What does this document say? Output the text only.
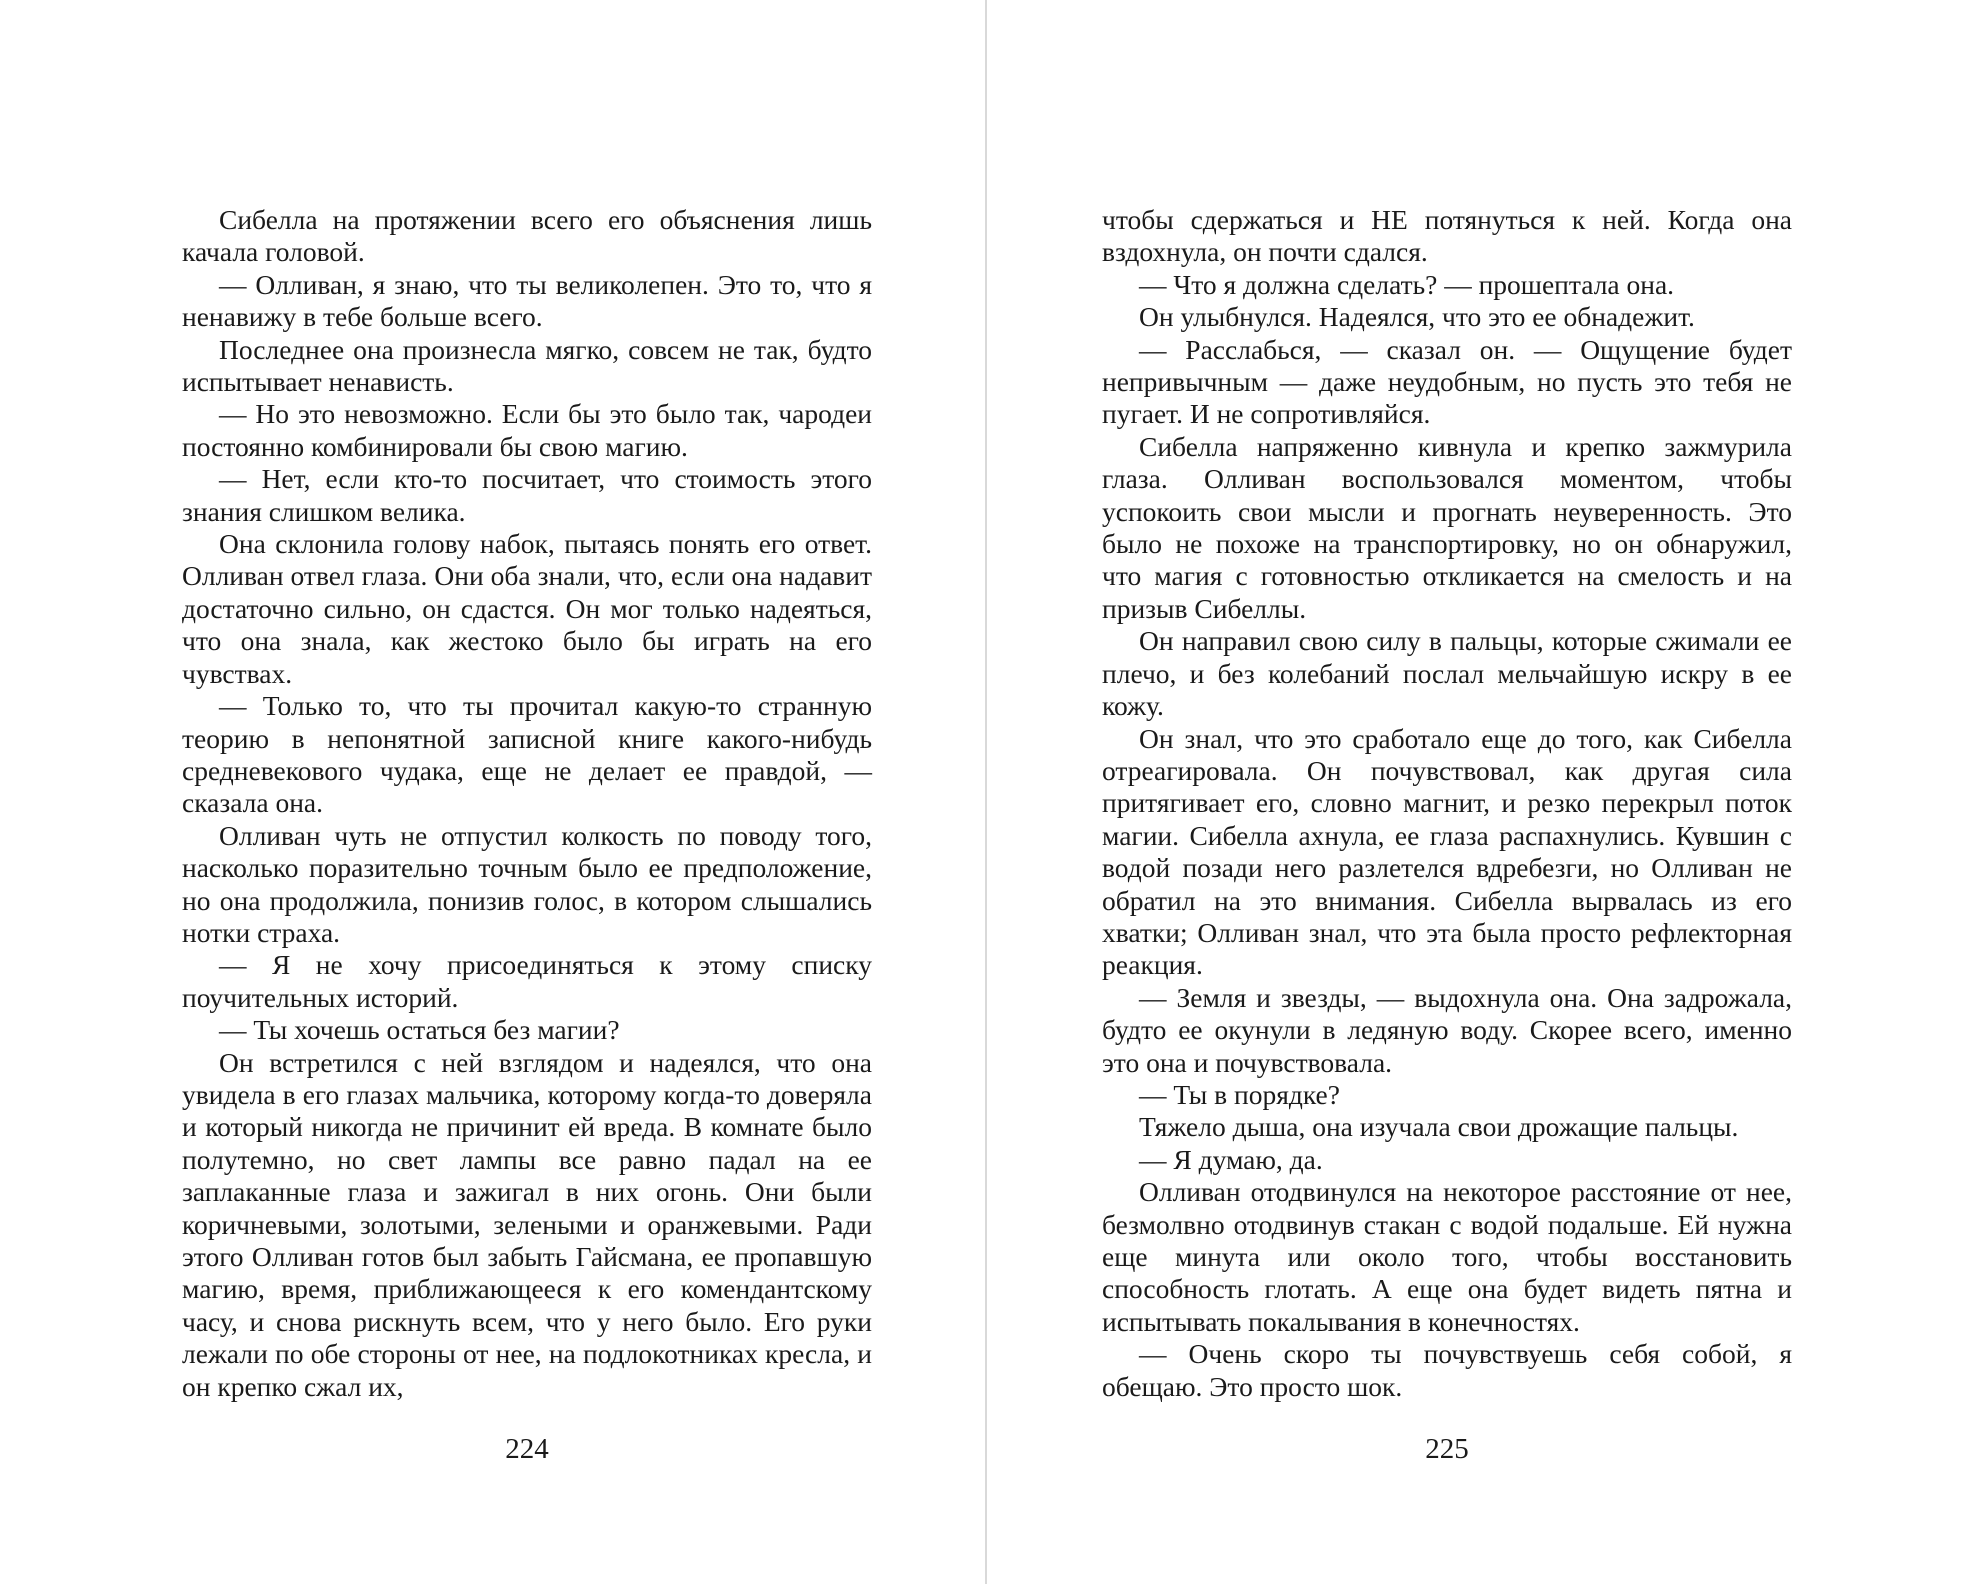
Сибелла на протяжении всего его объяснения лишь качала головой.

— Олливан, я знаю, что ты великолепен. Это то, что я ненавижу в тебе больше всего.

Последнее она произнесла мягко, совсем не так, будто испытывает ненависть.

— Но это невозможно. Если бы это было так, чародеи постоянно комбинировали бы свою магию.

— Нет, если кто-то посчитает, что стоимость этого знания слишком велика.

Она склонила голову набок, пытаясь понять его ответ. Олливан отвел глаза. Они оба знали, что, если она надавит достаточно сильно, он сдастся. Он мог только надеяться, что она знала, как жестоко было бы играть на его чувствах.

— Только то, что ты прочитал какую-то странную теорию в непонятной записной книге какого-нибудь средневекового чудака, еще не делает ее правдой, — сказала она.

Олливан чуть не отпустил колкость по поводу того, насколько поразительно точным было ее предположение, но она продолжила, понизив голос, в котором слышались нотки страха.

— Я не хочу присоединяться к этому списку поучительных историй.

— Ты хочешь остаться без магии?

Он встретился с ней взглядом и надеялся, что она увидела в его глазах мальчика, которому когда-то доверяла и который никогда не причинит ей вреда. В комнате было полутемно, но свет лампы все равно падал на ее заплаканные глаза и зажигал в них огонь. Они были коричневыми, золотыми, зелеными и оранжевыми. Ради этого Олливан готов был забыть Гайсмана, ее пропавшую магию, время, приближающееся к его комендантскому часу, и снова рискнуть всем, что у него было. Его руки лежали по обе стороны от нее, на подлокотниках кресла, и он крепко сжал их,

224

чтобы сдержаться и НЕ потянуться к ней. Когда она вздохнула, он почти сдался.

— Что я должна сделать? — прошептала она.

Он улыбнулся. Надеялся, что это ее обнадежит.

— Расслабься, — сказал он. — Ощущение будет непривычным — даже неудобным, но пусть это тебя не пугает. И не сопротивляйся.

Сибелла напряженно кивнула и крепко зажмурила глаза. Олливан воспользовался моментом, чтобы успокоить свои мысли и прогнать неуверенность. Это было не похоже на транспортировку, но он обнаружил, что магия с готовностью откликается на смелость и на призыв Сибеллы.

Он направил свою силу в пальцы, которые сжимали ее плечо, и без колебаний послал мельчайшую искру в ее кожу.

Он знал, что это сработало еще до того, как Сибелла отреагировала. Он почувствовал, как другая сила притягивает его, словно магнит, и резко перекрыл поток магии. Сибелла ахнула, ее глаза распахнулись. Кувшин с водой позади него разлетелся вдребезги, но Олливан не обратил на это внимания. Сибелла вырвалась из его хватки; Олливан знал, что эта была просто рефлекторная реакция.

— Земля и звезды, — выдохнула она. Она задрожала, будто ее окунули в ледяную воду. Скорее всего, именно это она и почувствовала.

— Ты в порядке?

Тяжело дыша, она изучала свои дрожащие пальцы.

— Я думаю, да.

Олливан отодвинулся на некоторое расстояние от нее, безмолвно отодвинув стакан с водой подальше. Ей нужна еще минута или около того, чтобы восстановить способность глотать. А еще она будет видеть пятна и испытывать покалывания в конечностях.

— Очень скоро ты почувствуешь себя собой, я обещаю. Это просто шок.

225
